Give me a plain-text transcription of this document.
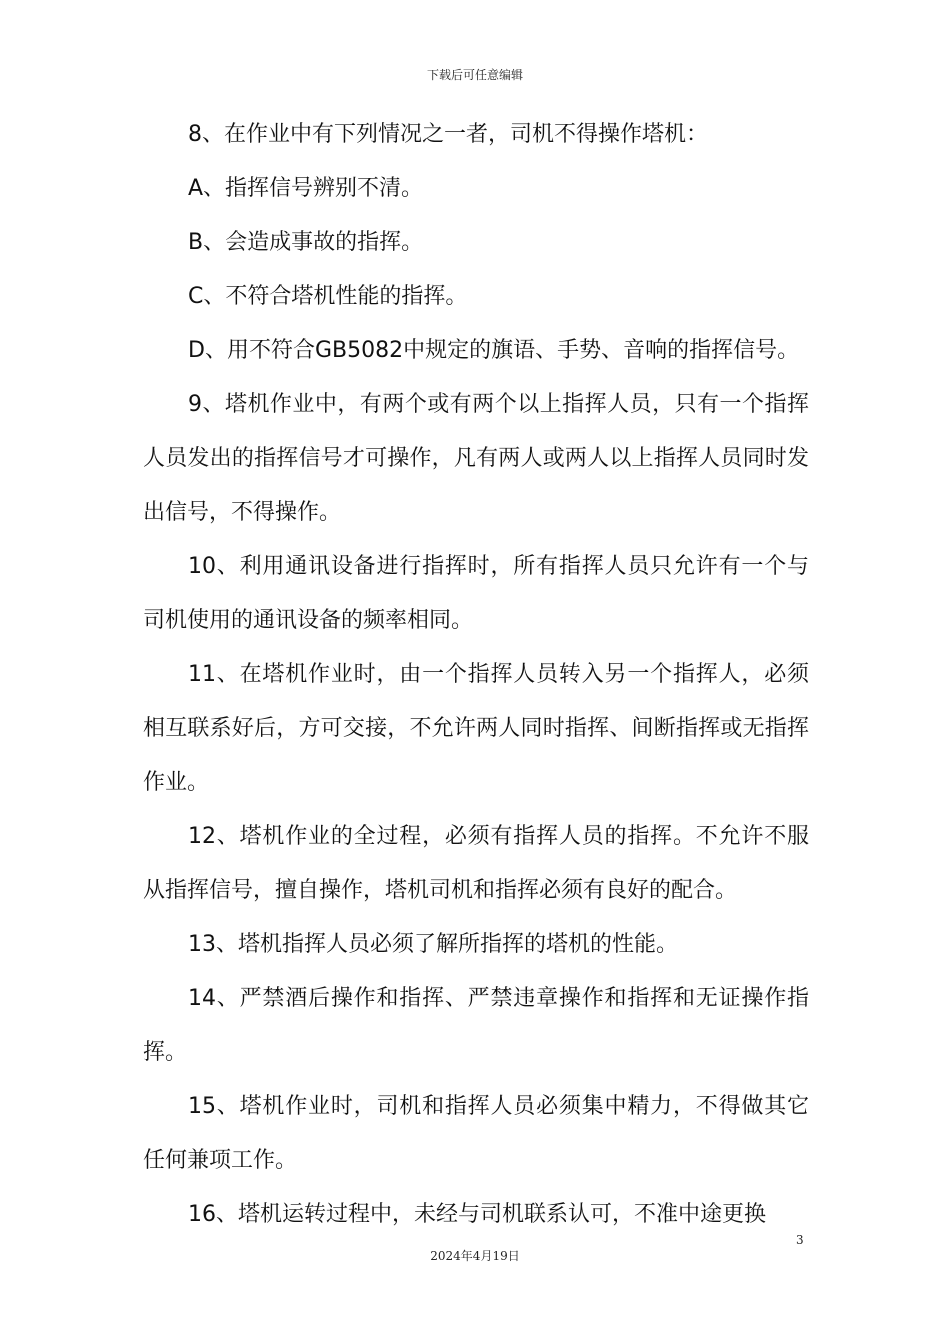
下载后可任意编辑

8、在作业中有下列情况之一者，司机不得操作塔机：

A、指挥信号辨别不清。

B、会造成事故的指挥。

C、不符合塔机性能的指挥。

D、用不符合GB5082中规定的旗语、手势、音响的指挥信号。

9、塔机作业中，有两个或有两个以上指挥人员，只有一个指挥人员发出的指挥信号才可操作，凡有两人或两人以上指挥人员同时发出信号，不得操作。

10、利用通讯设备进行指挥时，所有指挥人员只允许有一个与司机使用的通讯设备的频率相同。

11、在塔机作业时，由一个指挥人员转入另一个指挥人，必须相互联系好后，方可交接，不允许两人同时指挥、间断指挥或无指挥作业。

12、塔机作业的全过程，必须有指挥人员的指挥。不允许不服从指挥信号，擅自操作，塔机司机和指挥必须有良好的配合。

13、塔机指挥人员必须了解所指挥的塔机的性能。

14、严禁酒后操作和指挥、严禁违章操作和指挥和无证操作指挥。

15、塔机作业时，司机和指挥人员必须集中精力，不得做其它任何兼项工作。

16、塔机运转过程中，未经与司机联系认可，不准中途更换

3
2024年4月19日
